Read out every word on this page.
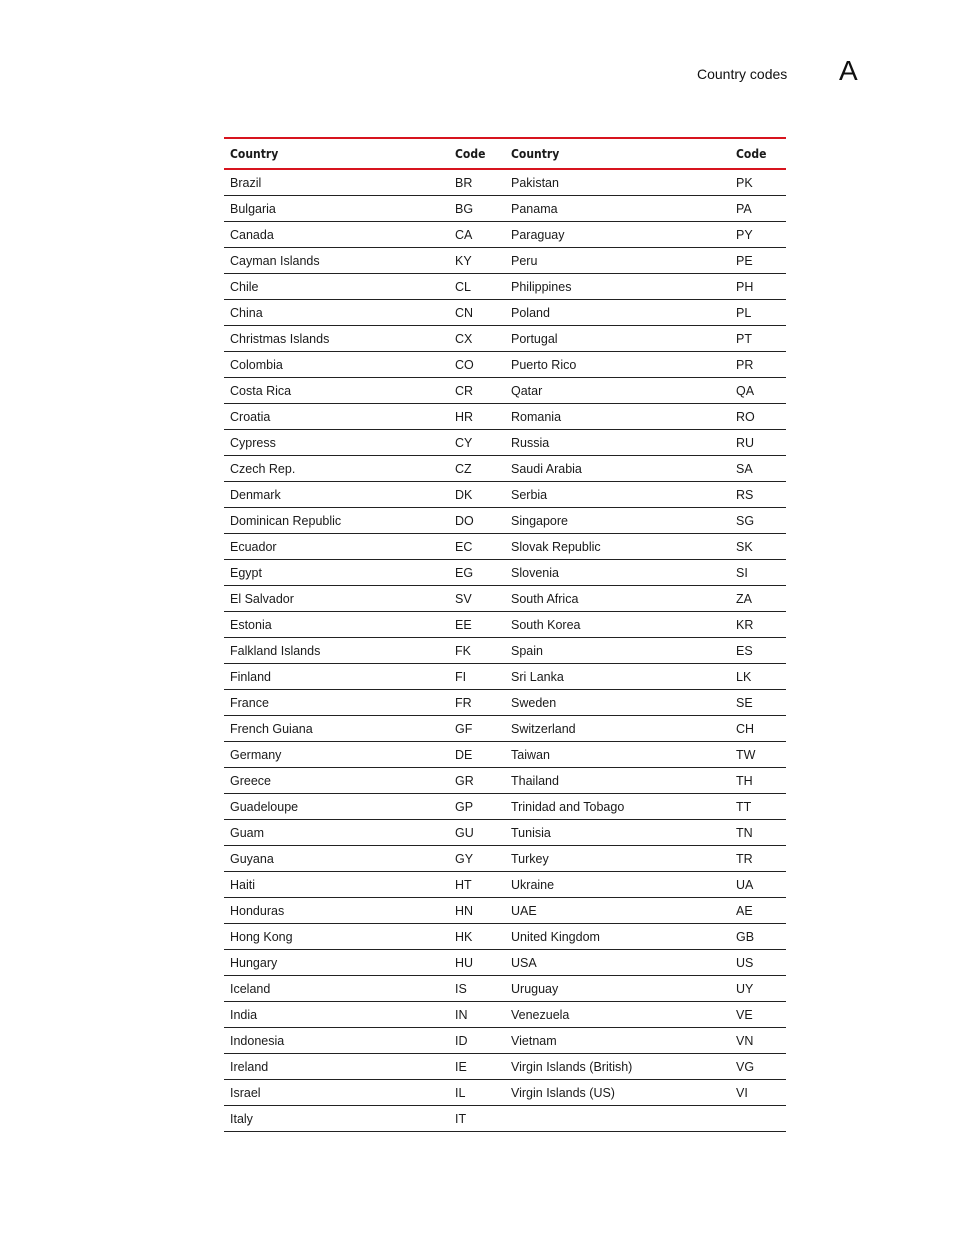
Country codes A
Country	Code	Country	Code
Brazil	BR	Pakistan	PK
Bulgaria	BG	Panama	PA
Canada	CA	Paraguay	PY
Cayman Islands	KY	Peru	PE
Chile	CL	Philippines	PH
China	CN	Poland	PL
Christmas Islands	CX	Portugal	PT
Colombia	CO	Puerto Rico	PR
Costa Rica	CR	Qatar	QA
Croatia	HR	Romania	RO
Cypress	CY	Russia	RU
Czech Rep.	CZ	Saudi Arabia	SA
Denmark	DK	Serbia	RS
Dominican Republic	DO	Singapore	SG
Ecuador	EC	Slovak Republic	SK
Egypt	EG	Slovenia	SI
El Salvador	SV	South Africa	ZA
Estonia	EE	South Korea	KR
Falkland Islands	FK	Spain	ES
Finland	FI	Sri Lanka	LK
France	FR	Sweden	SE
French Guiana	GF	Switzerland	CH
Germany	DE	Taiwan	TW
Greece	GR	Thailand	TH
Guadeloupe	GP	Trinidad and Tobago	TT
Guam	GU	Tunisia	TN
Guyana	GY	Turkey	TR
Haiti	HT	Ukraine	UA
Honduras	HN	UAE	AE
Hong Kong	HK	United Kingdom	GB
Hungary	HU	USA	US
Iceland	IS	Uruguay	UY
India	IN	Venezuela	VE
Indonesia	ID	Vietnam	VN
Ireland	IE	Virgin Islands (British)	VG
Israel	IL	Virgin Islands (US)	VI
Italy	IT		
